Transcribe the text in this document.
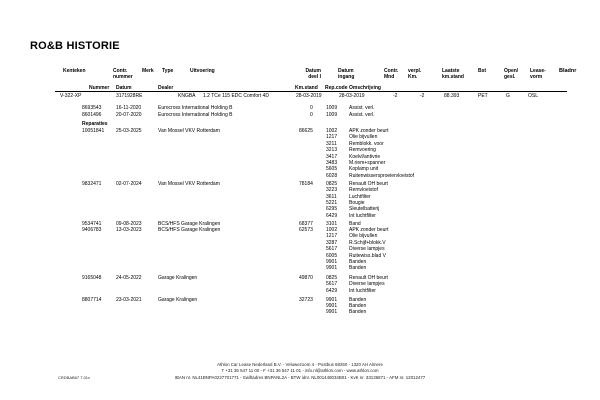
RO&B HISTORIE
Bladnr
Kenteken	Contr. nummer
Merk Type	Uitvoering	Datum deel I
Datum ingang
Contr. Mnd
verpl. Km.
Laatste km.stand
Bst	Open/ gesl.
Lease- vorm
Nummer Datum	Dealer	Km.stand Rep.code Omschrijving
V-322-XP	3171928RE	KNGBA 1.2 TCe 115 EDC Comfort 4D	28-03-2019	28-03-2019	-2	-2	88.393	PET	G	OSL
8693543	16-11-2020	Eurocross International Holding B	0	1009 Assist. verl.
8601496	20-07-2020	Eurocross International Holding B	0	1009 Assist. verl.
Reparaties
10051841 25-03-2025	Van Mossel VKV Rotterdam	86625	1002 APK zonder beurt
1217 Olie bijvullen
3211 Remblokk. voor
3213 Remvoering
3417 Koelvl/antivrie
3483 M.riem+spanner
5605 Koplamp unit
6028 Ruitenwissersproeiervloeistof
9832471	02-07-2024	Van Mossel VKV Rotterdam	78184	0825 Renault OH beurt
3223 Remvloeistof
3611 Luchtfilter
5221 Bougie
6295 Sleutelbatterij
6429 Int luchtfilter
9534741	09-08-2023	BCS/HFS Garage Kralingen	68377	3101 Band
9406783	13-03-2023	BCS/HFS Garage Kralingen	62573	1002 APK zonder beurt
1217 Olie bijvullen
3287 R.Schijf+blokk.V
5617 Diverse lampjes
6005 Ruitewiss.blad V
9901 Banden
9901 Banden
9165048	24-05-2022	Garage Kralingen	49870	0825 Renault OH beurt
5617 Diverse lampjes
6429 Int luchtfilter
8807714	23-03-2021	Garage Kralingen	32723	9901 Banden
9901 Banden
9901 Banden
CRDBAB67 7.01v
Athlon Car Lease Nederland B.V. - Veluwezoom 4 - Postbus 68250 - 1320 AH Almere
T +31 36 547 11 00 - F +31 36 547 11 01 - info.nl@athlon.com - www.athlon.com
IBAN nr. NL41BNPA0227701771 - Swiftadres BNPANL2A - BTW idnr. NL001448034B01 - KvK nr. 33136871 - AFM nr. 12012477
